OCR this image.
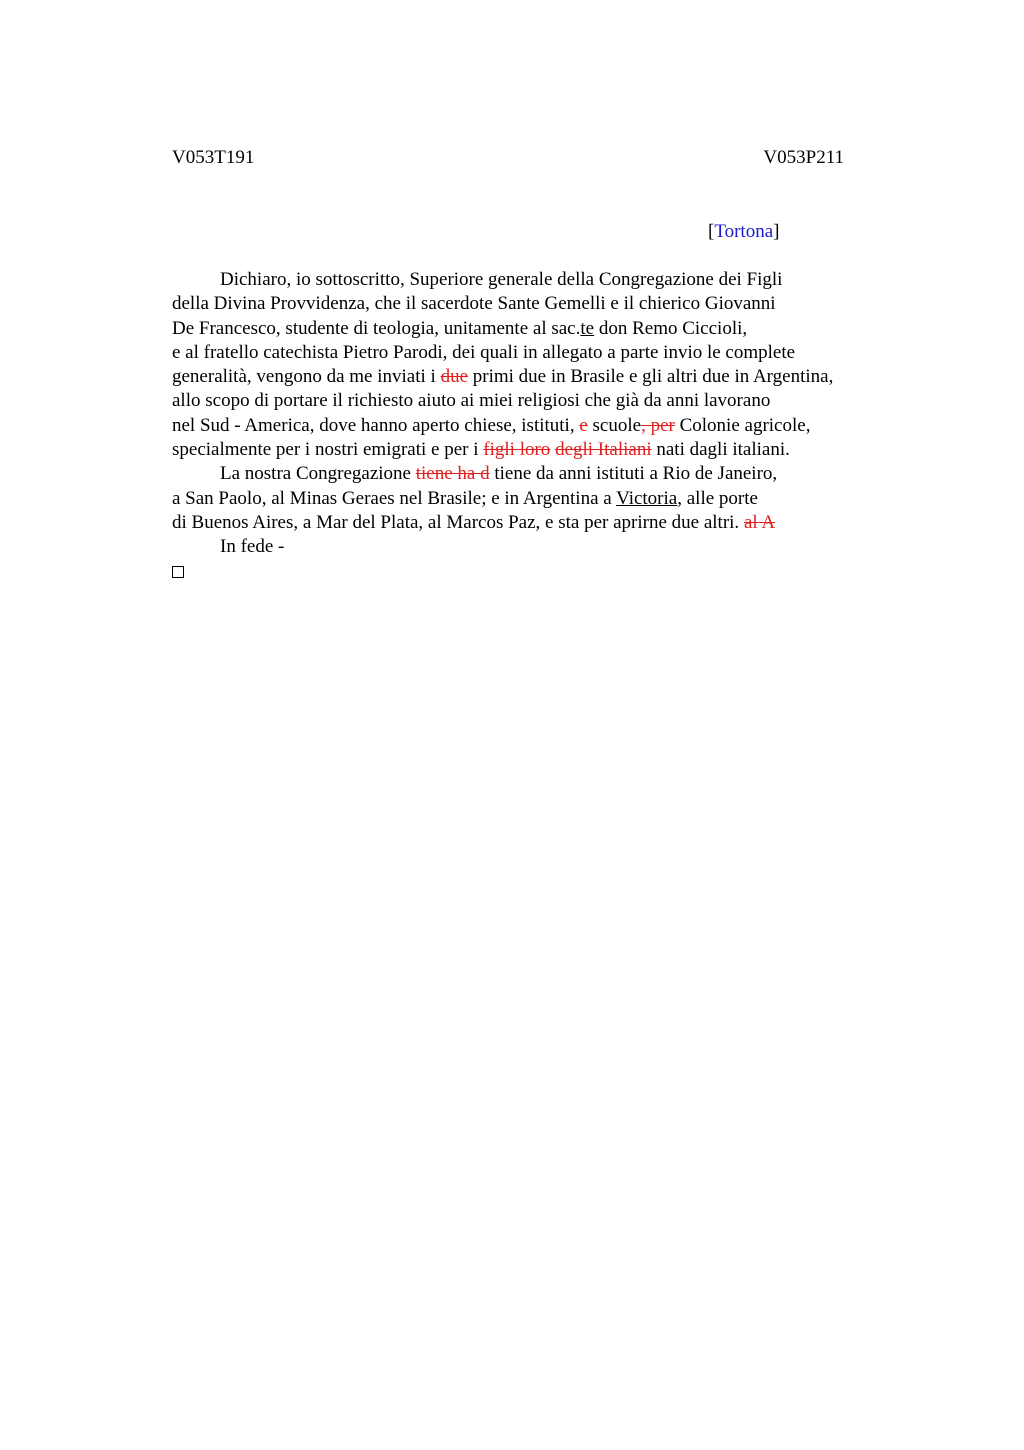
V053T191	V053P211
[Tortona]
Dichiaro, io sottoscritto, Superiore generale della Congregazione dei Figli
della Divina Provvidenza, che il sacerdote Sante Gemelli e il chierico Giovanni
De Francesco, studente di teologia, unitamente al sac.te don Remo Ciccioli,
e al fratello catechista Pietro Parodi, dei quali in allegato a parte invio le complete
generalità, vengono da me inviati i due primi due in Brasile e gli altri due in Argentina,
allo scopo di portare il richiesto aiuto ai miei religiosi che già da anni lavorano
nel Sud - America, dove hanno aperto chiese, istituti, e scuole, per Colonie agricole,
specialmente per i nostri emigrati e per i figli loro degli Italiani nati dagli italiani.
La nostra Congregazione tiene ha d tiene da anni istituti a Rio de Janeiro,
a San Paolo, al Minas Geraes nel Brasile; e in Argentina a Victoria, alle porte
di Buenos Aires, a Mar del Plata, al Marcos Paz, e sta per aprirne due altri. al A
In fede -
